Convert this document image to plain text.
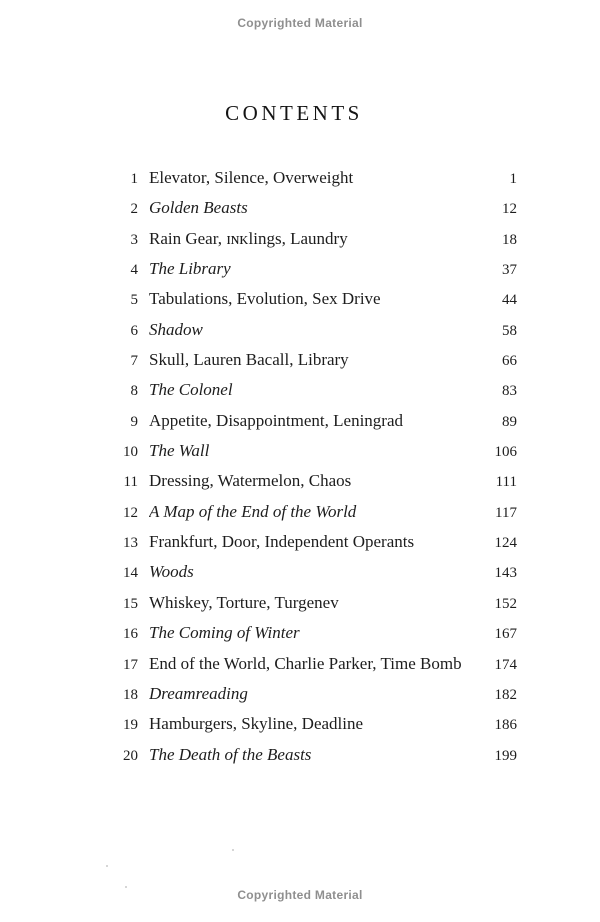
Copyrighted Material
CONTENTS
1 Elevator, Silence, Overweight	1
2 Golden Beasts	12
3 Rain Gear, ɪɴᴋlings, Laundry	18
4 The Library	37
5 Tabulations, Evolution, Sex Drive	44
6 Shadow	58
7 Skull, Lauren Bacall, Library	66
8 The Colonel	83
9 Appetite, Disappointment, Leningrad	89
10 The Wall	106
11 Dressing, Watermelon, Chaos	111
12 A Map of the End of the World	117
13 Frankfurt, Door, Independent Operants	124
14 Woods	143
15 Whiskey, Torture, Turgenev	152
16 The Coming of Winter	167
17 End of the World, Charlie Parker, Time Bomb	174
18 Dreamreading	182
19 Hamburgers, Skyline, Deadline	186
20 The Death of the Beasts	199
Copyrighted Material
